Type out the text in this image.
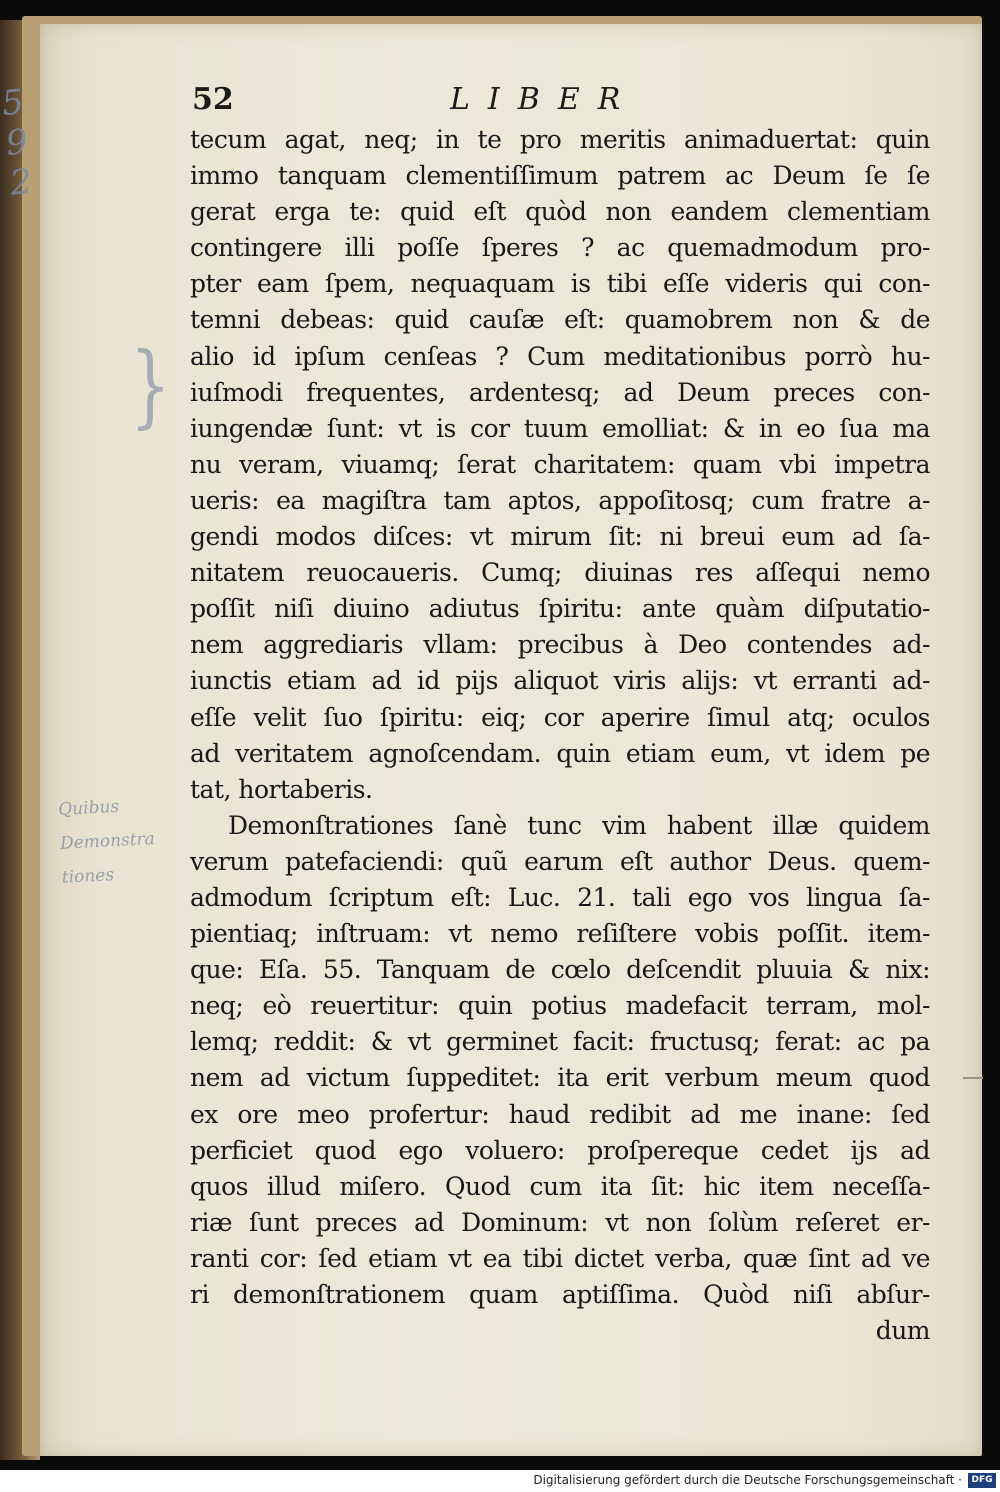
5 9 2
Quibus Demonstra tiones
}
52	LIBER
tecum agat, neq; in te pro meritis animaduertat: quin
immo tanquam clementiſſimum patrem ac Deum ſe ſe
gerat erga te: quid eſt quòd non eandem clementiam
contingere illi poſſe ſperes ? ac quemadmodum pro-
pter eam ſpem, nequaquam is tibi eſſe videris qui con-
temni debeas: quid cauſæ eſt: quamobrem non & de
alio id ipſum cenſeas ? Cum meditationibus porrò hu-
iuſmodi frequentes, ardentesq; ad Deum preces con-
iungendæ ſunt: vt is cor tuum emolliat: & in eo ſua ma
nu veram, viuamq; ſerat charitatem: quam vbi impetra
ueris: ea magiſtra tam aptos, appoſitosq; cum fratre a-
gendi modos diſces: vt mirum ſit: ni breui eum ad ſa-
nitatem reuocaueris. Cumq; diuinas res aſſequi nemo
poſſit niſi diuino adiutus ſpiritu: ante quàm diſputatio-
nem aggrediaris vllam: precibus à Deo contendes ad-
iunctis etiam ad id pijs aliquot viris alijs: vt erranti ad-
eſſe velit ſuo ſpiritu: eiq; cor aperire ſimul atq; oculos
ad veritatem agnoſcendam. quin etiam eum, vt idem pe
tat, hortaberis.
Demonſtrationes ſanè tunc vim habent illæ quidem
verum patefaciendi: quũ earum eſt author Deus. quem-
admodum ſcriptum eſt: Luc. 21. tali ego vos lingua ſa-
pientiaq; inſtruam: vt nemo reſiſtere vobis poſſit. item-
que: Eſa. 55. Tanquam de cœlo deſcendit pluuia & nix:
neq; eò reuertitur: quin potius madefacit terram, mol-
lemq; reddit: & vt germinet facit: fructusq; ferat: ac pa
nem ad victum ſuppeditet: ita erit verbum meum quod
ex ore meo profertur: haud redibit ad me inane: ſed
perficiet quod ego voluero: proſpereque cedet ijs ad
quos illud miſero. Quod cum ita ſit: hic item neceſſa-
riæ ſunt preces ad Dominum: vt non ſolùm reſeret er-
ranti cor: ſed etiam vt ea tibi dictet verba, quæ ſint ad ve
ri demonſtrationem quam aptiſſima. Quòd niſi abſur-
dum
Digitalisierung gefördert durch die Deutsche Forschungsgemeinschaft ·	DFG
